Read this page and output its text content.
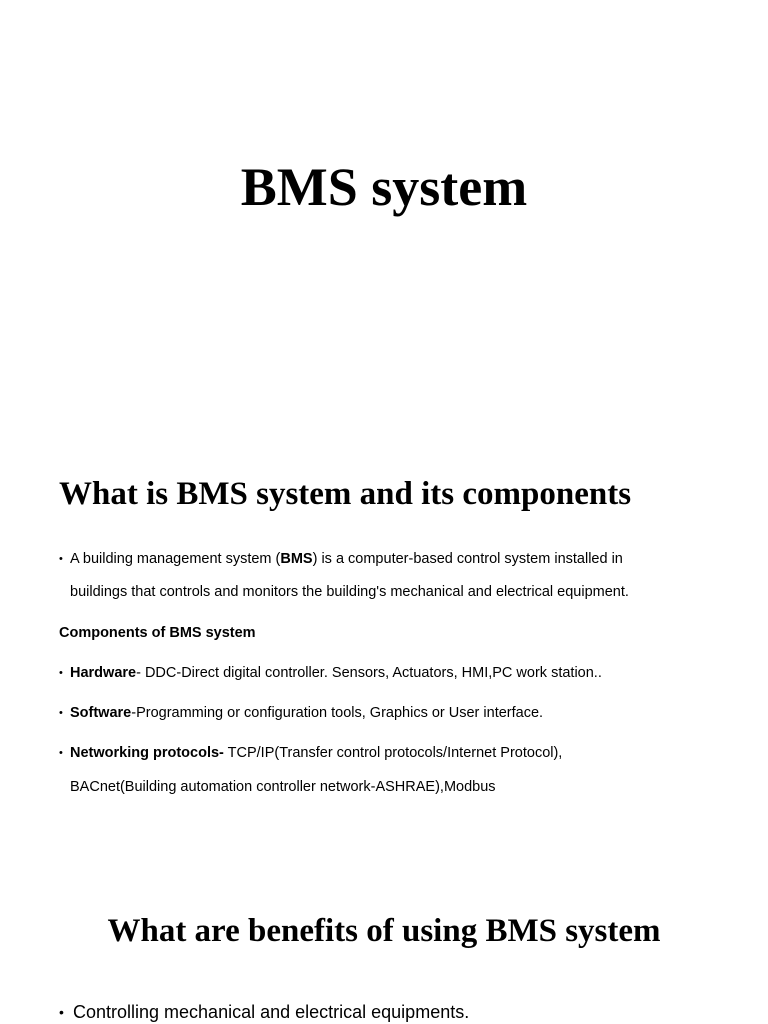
BMS system
What is BMS system and its components
• A building management system (BMS) is a computer-based control system installed in
buildings that controls and monitors the building's mechanical and electrical equipment.
Components of BMS system
• Hardware- DDC-Direct digital controller. Sensors, Actuators, HMI,PC work station..
• Software-Programming or configuration tools, Graphics or User interface.
• Networking protocols- TCP/IP(Transfer control protocols/Internet Protocol),
BACnet(Building automation controller network-ASHRAE),Modbus
What are benefits of using BMS system
• Controlling mechanical and electrical equipments.
